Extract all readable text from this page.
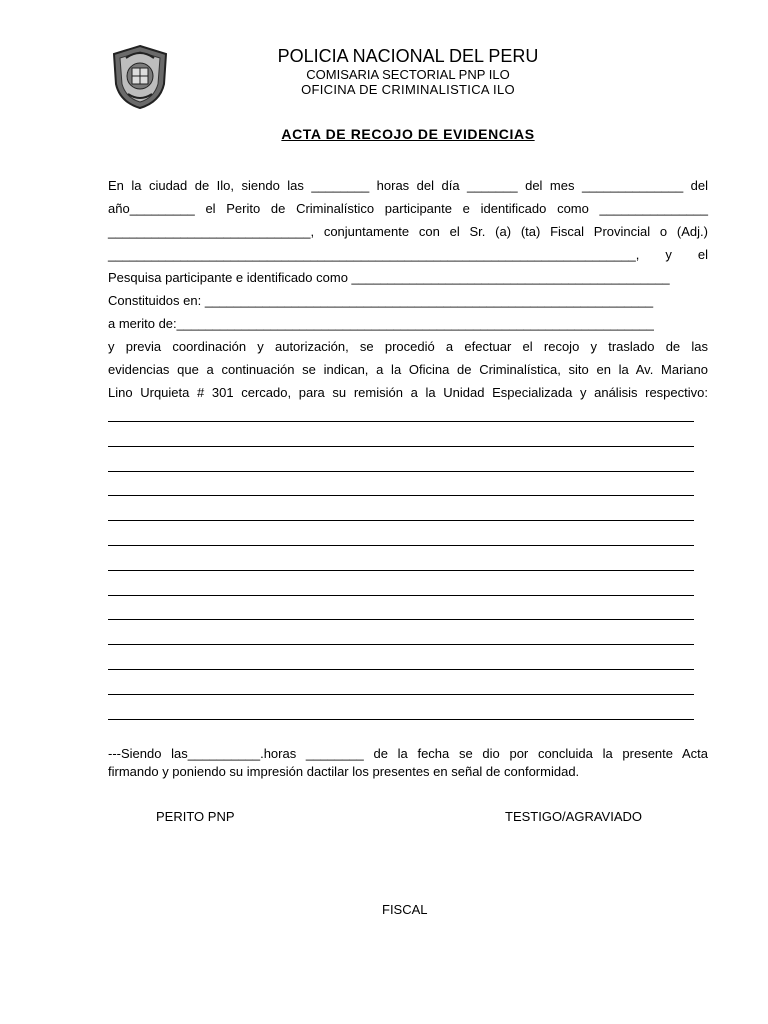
POLICIA NACIONAL DEL PERU
COMISARIA SECTORIAL PNP ILO
OFICINA DE CRIMINALISTICA ILO
ACTA DE RECOJO DE EVIDENCIAS
En la ciudad de Ilo, siendo las ________ horas del día _______ del mes ______________ del
año_________ el Perito de Criminalístico participante e identificado como _______________
____________________________, conjuntamente con el Sr. (a) (ta) Fiscal Provincial o (Adj.)
_________________________________________________________________________, y el
Pesquisa participante e identificado como ____________________________________________
Constituidos en: ______________________________________________________________
a merito de:__________________________________________________________________
y previa coordinación y autorización, se procedió a efectuar el recojo y traslado de las
evidencias que a continuación se indican, a la Oficina de Criminalística, sito en la Av. Mariano
Lino Urquieta # 301 cercado, para su remisión a la Unidad Especializada y análisis respectivo:
---Siendo las__________.horas ________ de la fecha se dio por concluida la presente Acta
firmando y poniendo su impresión dactilar los presentes en señal de conformidad.
PERITO PNP	TESTIGO/AGRAVIADO
FISCAL
